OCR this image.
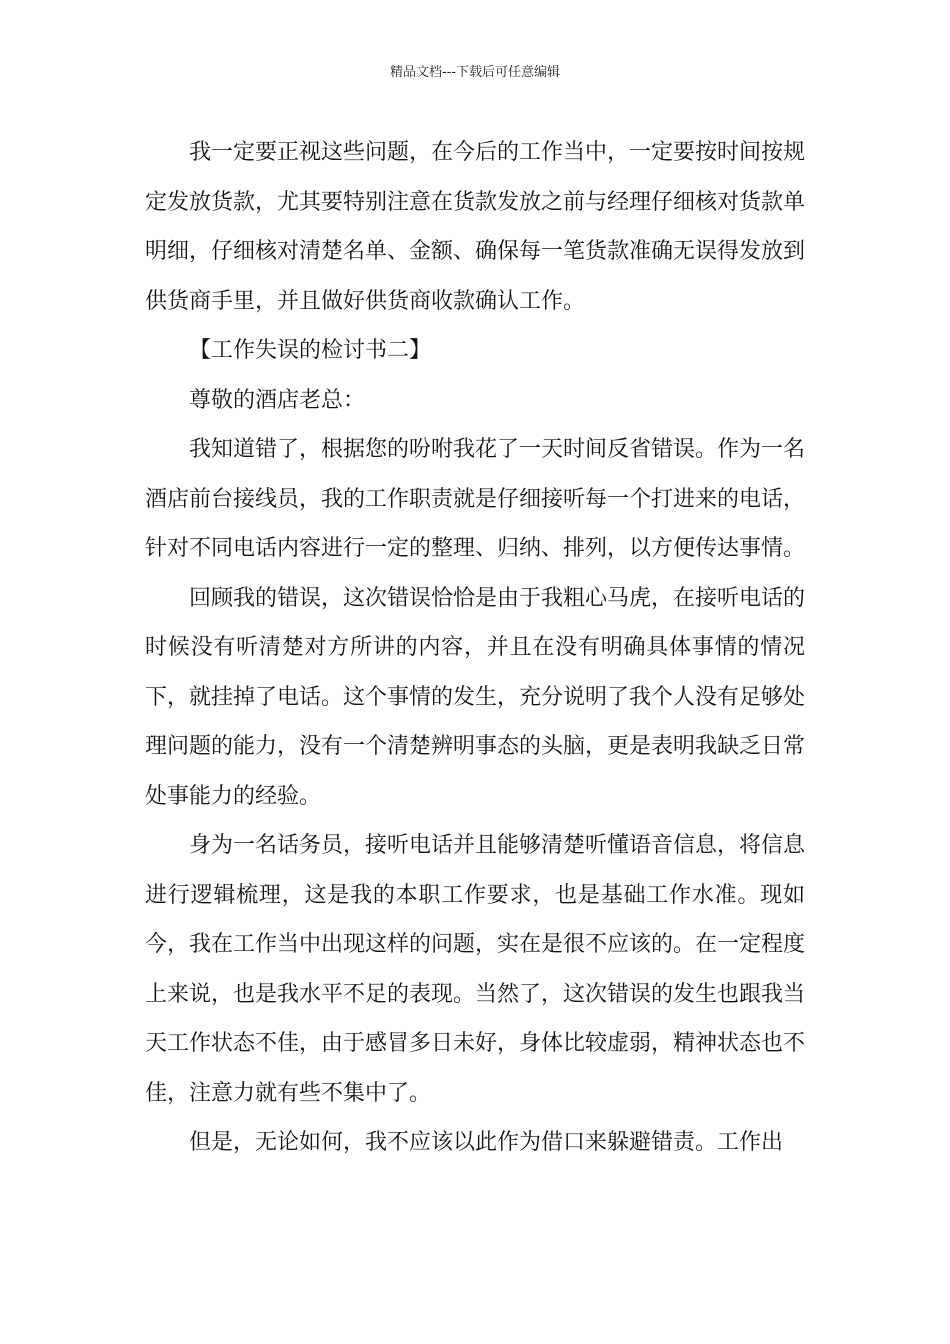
精品文档---下载后可任意编辑

我一定要正视这些问题，在今后的工作当中，一定要按时间按规定发放货款，尤其要特别注意在货款发放之前与经理仔细核对货款单明细，仔细核对清楚名单、金额、确保每一笔货款准确无误得发放到供货商手里，并且做好供货商收款确认工作。

【工作失误的检讨书二】

尊敬的酒店老总：

我知道错了，根据您的吩咐我花了一天时间反省错误。作为一名酒店前台接线员，我的工作职责就是仔细接听每一个打进来的电话，针对不同电话内容进行一定的整理、归纳、排列，以方便传达事情。

回顾我的错误，这次错误恰恰是由于我粗心马虎，在接听电话的时候没有听清楚对方所讲的内容，并且在没有明确具体事情的情况下，就挂掉了电话。这个事情的发生，充分说明了我个人没有足够处理问题的能力，没有一个清楚辨明事态的头脑，更是表明我缺乏日常处事能力的经验。

身为一名话务员，接听电话并且能够清楚听懂语音信息，将信息进行逻辑梳理，这是我的本职工作要求，也是基础工作水准。现如今，我在工作当中出现这样的问题，实在是很不应该的。在一定程度上来说，也是我水平不足的表现。当然了，这次错误的发生也跟我当天工作状态不佳，由于感冒多日未好，身体比较虚弱，精神状态也不佳，注意力就有些不集中了。

但是，无论如何，我不应该以此作为借口来躲避错责。工作出
